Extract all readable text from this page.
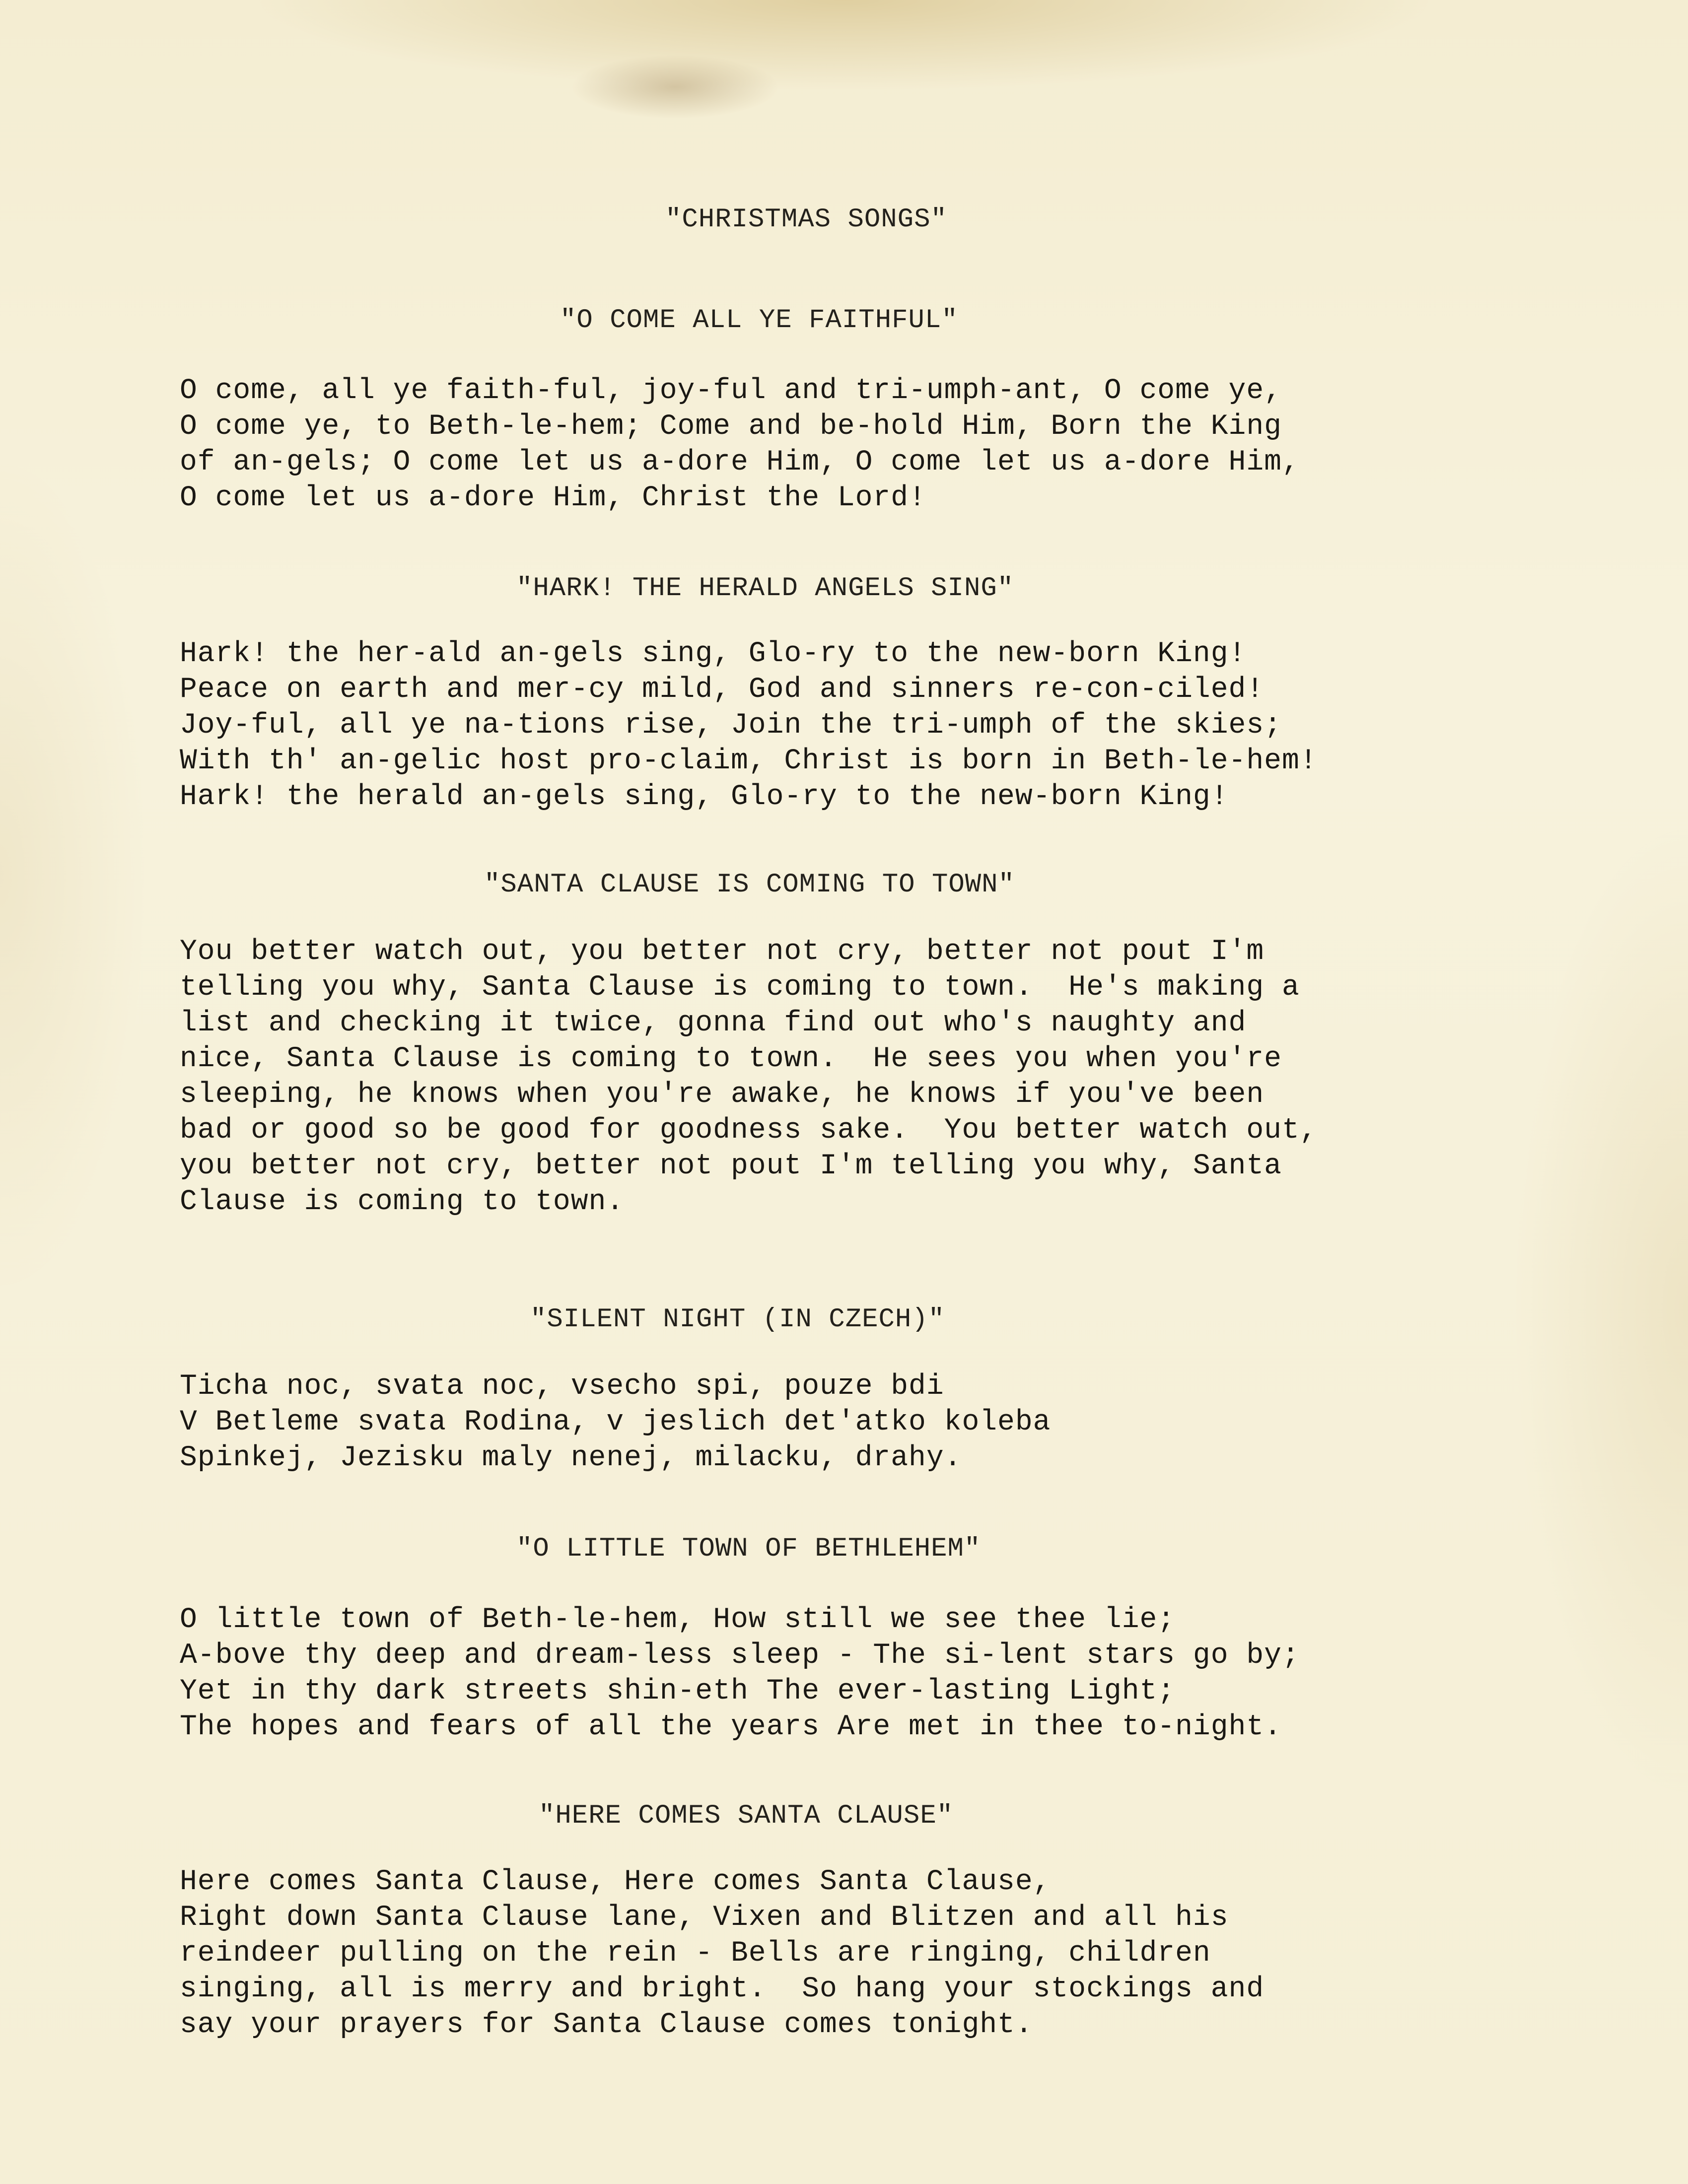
"CHRISTMAS SONGS"
"O COME ALL YE FAITHFUL"
O come, all ye faith-ful, joy-ful and tri-umph-ant, O come ye,
O come ye, to Beth-le-hem; Come and be-hold Him, Born the King
of an-gels; O come let us a-dore Him, O come let us a-dore Him,
O come let us a-dore Him, Christ the Lord!
"HARK! THE HERALD ANGELS SING"
Hark! the her-ald an-gels sing, Glo-ry to the new-born King!
Peace on earth and mer-cy mild, God and sinners re-con-ciled!
Joy-ful, all ye na-tions rise, Join the tri-umph of the skies;
With th' an-gelic host pro-claim, Christ is born in Beth-le-hem!
Hark! the herald an-gels sing, Glo-ry to the new-born King!
"SANTA CLAUSE IS COMING TO TOWN"
You better watch out, you better not cry, better not pout I'm
telling you why, Santa Clause is coming to town.  He's making a
list and checking it twice, gonna find out who's naughty and
nice, Santa Clause is coming to town.  He sees you when you're
sleeping, he knows when you're awake, he knows if you've been
bad or good so be good for goodness sake.  You better watch out,
you better not cry, better not pout I'm telling you why, Santa
Clause is coming to town.
"SILENT NIGHT (IN CZECH)"
Ticha noc, svata noc, vsecho spi, pouze bdi
V Betleme svata Rodina, v jeslich det'atko koleba
Spinkej, Jezisku maly nenej, milacku, drahy.
"O LITTLE TOWN OF BETHLEHEM"
O little town of Beth-le-hem, How still we see thee lie;
A-bove thy deep and dream-less sleep - The si-lent stars go by;
Yet in thy dark streets shin-eth The ever-lasting Light;
The hopes and fears of all the years Are met in thee to-night.
"HERE COMES SANTA CLAUSE"
Here comes Santa Clause, Here comes Santa Clause,
Right down Santa Clause lane, Vixen and Blitzen and all his
reindeer pulling on the rein - Bells are ringing, children
singing, all is merry and bright.  So hang your stockings and
say your prayers for Santa Clause comes tonight.
